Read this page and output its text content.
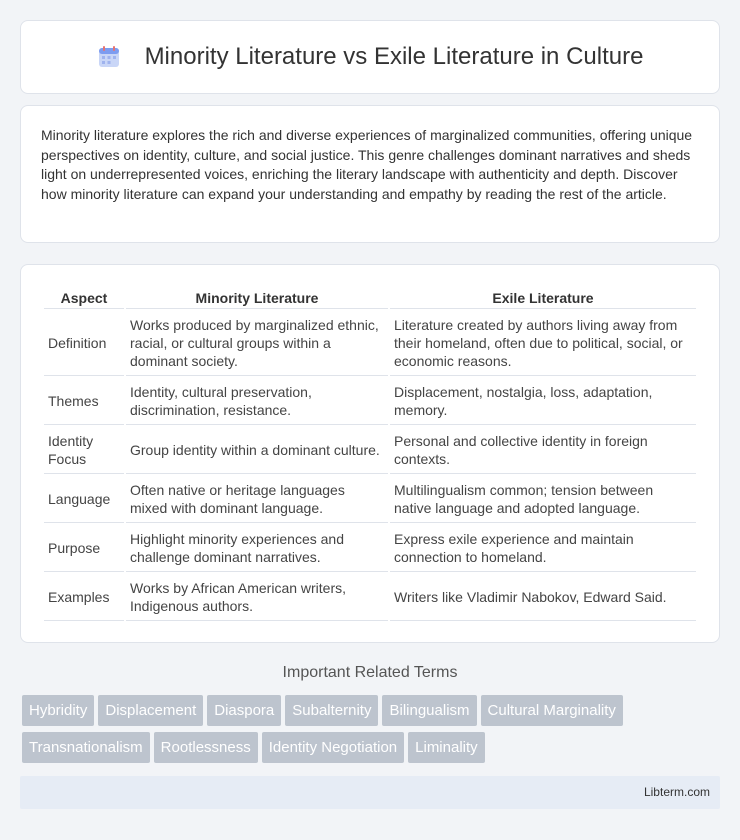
Minority Literature vs Exile Literature in Culture

Minority literature explores the rich and diverse experiences of marginalized communities, offering unique perspectives on identity, culture, and social justice. This genre challenges dominant narratives and sheds light on underrepresented voices, enriching the literary landscape with authenticity and depth. Discover how minority literature can expand your understanding and empathy by reading the rest of the article.

Aspect	Minority Literature	Exile Literature
Definition	Works produced by marginalized ethnic, racial, or cultural groups within a dominant society.	Literature created by authors living away from their homeland, often due to political, social, or economic reasons.
Themes	Identity, cultural preservation, discrimination, resistance.	Displacement, nostalgia, loss, adaptation, memory.
Identity Focus	Group identity within a dominant culture.	Personal and collective identity in foreign contexts.
Language	Often native or heritage languages mixed with dominant language.	Multilingualism common; tension between native language and adopted language.
Purpose	Highlight minority experiences and challenge dominant narratives.	Express exile experience and maintain connection to homeland.
Examples	Works by African American writers, Indigenous authors.	Writers like Vladimir Nabokov, Edward Said.
Important Related Terms
Hybridity Displacement Diaspora Subalternity Bilingualism Cultural MarginalityTransnationalism Rootlessness Identity Negotiation Liminality
Libterm.com
